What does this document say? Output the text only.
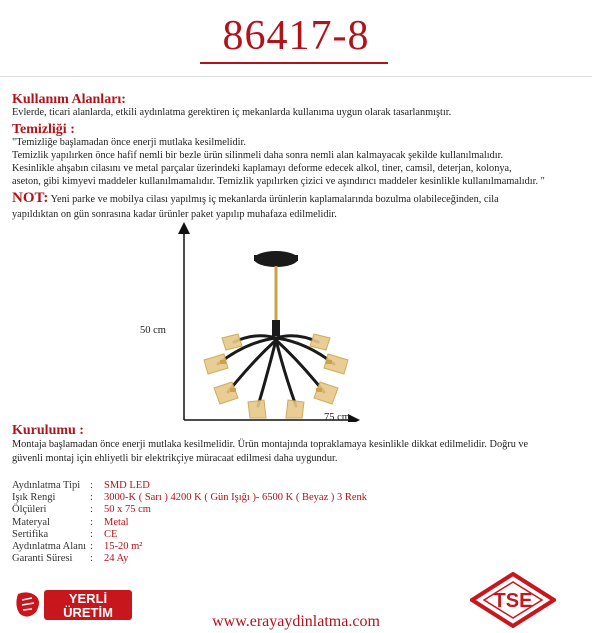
86417-8
Kullanım Alanları:
Evlerde, ticari alanlarda, etkili aydınlatma gerektiren iç mekanlarda kullanıma uygun olarak tasarlanmıştır.
Temizliği :
"Temizliğe başlamadan önce enerji mutlaka kesilmelidir.
Temizlik yapılırken önce hafif nemli bir bezle ürün silinmeli daha sonra nemli alan kalmayacak şekilde kullanılmalıdır.
Kesinlikle ahşabın cilasını ve metal parçalar üzerindeki kaplamayı deforme edecek alkol, tiner, camsil, deterjan, kolonya,
aseton, gibi kimyevi maddeler kullanılmamalıdır. Temizlik yapılırken çizici ve aşındırıcı maddeler kesinlikle kullanılmamalıdır. "
NOT: Yeni parke ve mobilya cilası yapılmış iç mekanlarda ürünlerin kaplamalarında bozulma olabileceğinden, cila
yapıldıktan on gün sonrasına kadar ürünler paket yapılıp muhafaza edilmelidir.
50 cm
75 cm
Kurulumu :
Montaja başlamadan önce enerji mutlaka kesilmelidir. Ürün montajında topraklamaya kesinlikle dikkat edilmelidir. Doğru ve
güvenli montaj için ehliyetli bir elektrikçiye müracaat edilmesi daha uygundur.
Aydınlatma Tipi : SMD LED
Işık Rengi	: 3000-K ( Sarı ) 4200 K ( Gün Işığı )- 6500 K ( Beyaz ) 3 Renk
Ölçüleri	: 50 x 75 cm
Materyal	: Metal
Sertifika	: CE
Aydınlatma Alanı : 15-20 m²
Garanti Süresi : 24 Ay
YERLİ
ÜRETİM
TSE
www.erayaydinlatma.com
